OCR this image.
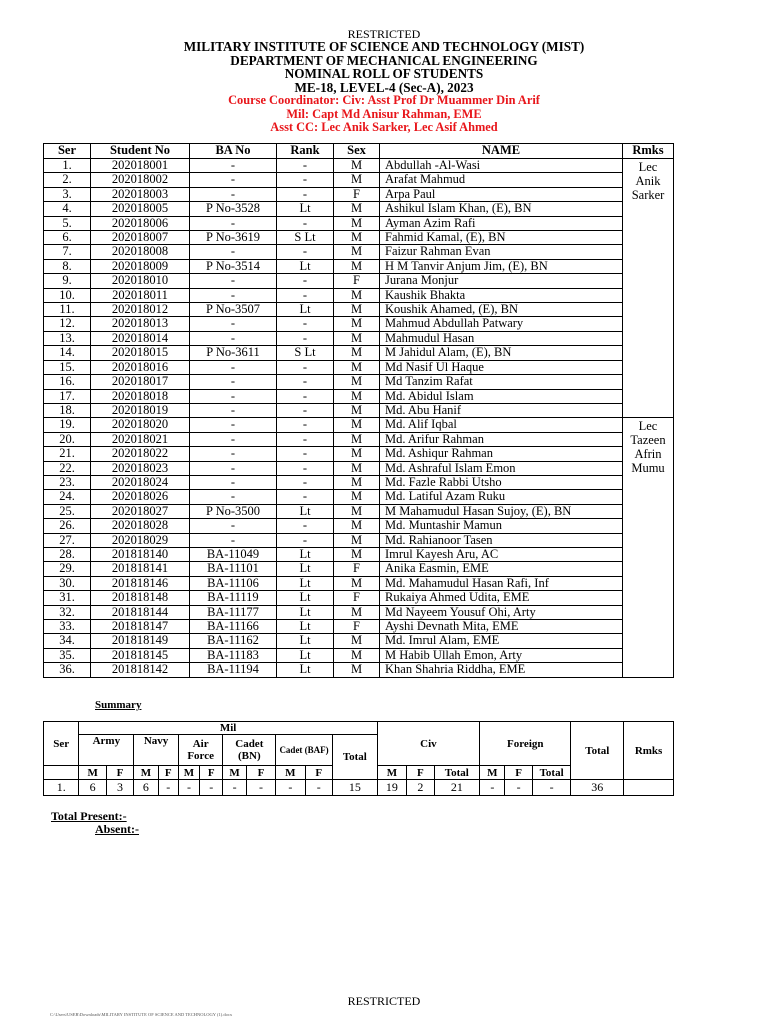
RESTRICTED
MILITARY INSTITUTE OF SCIENCE AND TECHNOLOGY (MIST)
DEPARTMENT OF MECHANICAL ENGINEERING
NOMINAL ROLL OF STUDENTS
ME-18, LEVEL-4 (Sec-A), 2023
Course Coordinator: Civ: Asst Prof Dr Muammer Din Arif
Mil: Capt Md Anisur Rahman, EME
Asst CC: Lec Anik Sarker, Lec Asif Ahmed
Ser	Student No	BA No	Rank	Sex	NAME	Rmks
1.	202018001	-	-	M	Abdullah -Al-Wasi	Lec Anik Sarker
2.	202018002	-	-	M	Arafat Mahmud	
3.	202018003	-	-	F	Arpa Paul	
4.	202018005	P No-3528	Lt	M	Ashikul Islam Khan, (E), BN	
5.	202018006	-	-	M	Ayman Azim Rafi	
6.	202018007	P No-3619	S Lt	M	Fahmid Kamal, (E), BN	
7.	202018008	-	-	M	Faizur Rahman Evan	
8.	202018009	P No-3514	Lt	M	H M Tanvir Anjum Jim, (E), BN	
9.	202018010	-	-	F	Jurana Monjur	
10.	202018011	-	-	M	Kaushik Bhakta	
11.	202018012	P No-3507	Lt	M	Koushik Ahamed, (E), BN	
12.	202018013	-	-	M	Mahmud Abdullah Patwary	
13.	202018014	-	-	M	Mahmudul Hasan	
14.	202018015	P No-3611	S Lt	M	M Jahidul Alam, (E), BN	
15.	202018016	-	-	M	Md Nasif Ul Haque	
16.	202018017	-	-	M	Md Tanzim Rafat	
17.	202018018	-	-	M	Md. Abidul Islam	
18.	202018019	-	-	M	Md. Abu Hanif	
19.	202018020	-	-	M	Md. Alif Iqbal	Lec Tazeen Afrin Mumu
20.	202018021	-	-	M	Md. Arifur Rahman	
21.	202018022	-	-	M	Md. Ashiqur Rahman	
22.	202018023	-	-	M	Md. Ashraful Islam Emon	
23.	202018024	-	-	M	Md. Fazle Rabbi Utsho	
24.	202018026	-	-	M	Md. Latiful Azam Ruku	
25.	202018027	P No-3500	Lt	M	M Mahamudul Hasan Sujoy, (E), BN	
26.	202018028	-	-	M	Md. Muntashir Mamun	
27.	202018029	-	-	M	Md. Rahianoor Tasen	
28.	201818140	BA-11049	Lt	M	Imrul Kayesh Aru, AC	
29.	201818141	BA-11101	Lt	F	Anika Easmin, EME	
30.	201818146	BA-11106	Lt	M	Md. Mahamudul Hasan Rafi, Inf	
31.	201818148	BA-11119	Lt	F	Rukaiya Ahmed Udita, EME	
32.	201818144	BA-11177	Lt	M	Md Nayeem Yousuf Ohi, Arty	
33.	201818147	BA-11166	Lt	F	Ayshi Devnath Mita, EME	
34.	201818149	BA-11162	Lt	M	Md. Imrul Alam, EME	
35.	201818145	BA-11183	Lt	M	M Habib Ullah Emon, Arty	
36.	201818142	BA-11194	Lt	M	Khan Shahria Riddha, EME	
Summary
Ser	Mil											Civ			Foreign			Total	Rmks
	Army		Navy		Air Force		Cadet (BN)		Cadet (BAF)		Total								
	M	F	M	F	M	F	M	F	M	F		M	F	Total	M	F	Total		
1.	6	3	6	-	-	-	-	-	-	-	15	19	2	21	-	-	-	36	
Total Present:-
Absent:-
RESTRICTED
C:\Users\USER\Downloads\MILITARY INSTITUTE OF SCIENCE AND TECHNOLOGY (1).docx
